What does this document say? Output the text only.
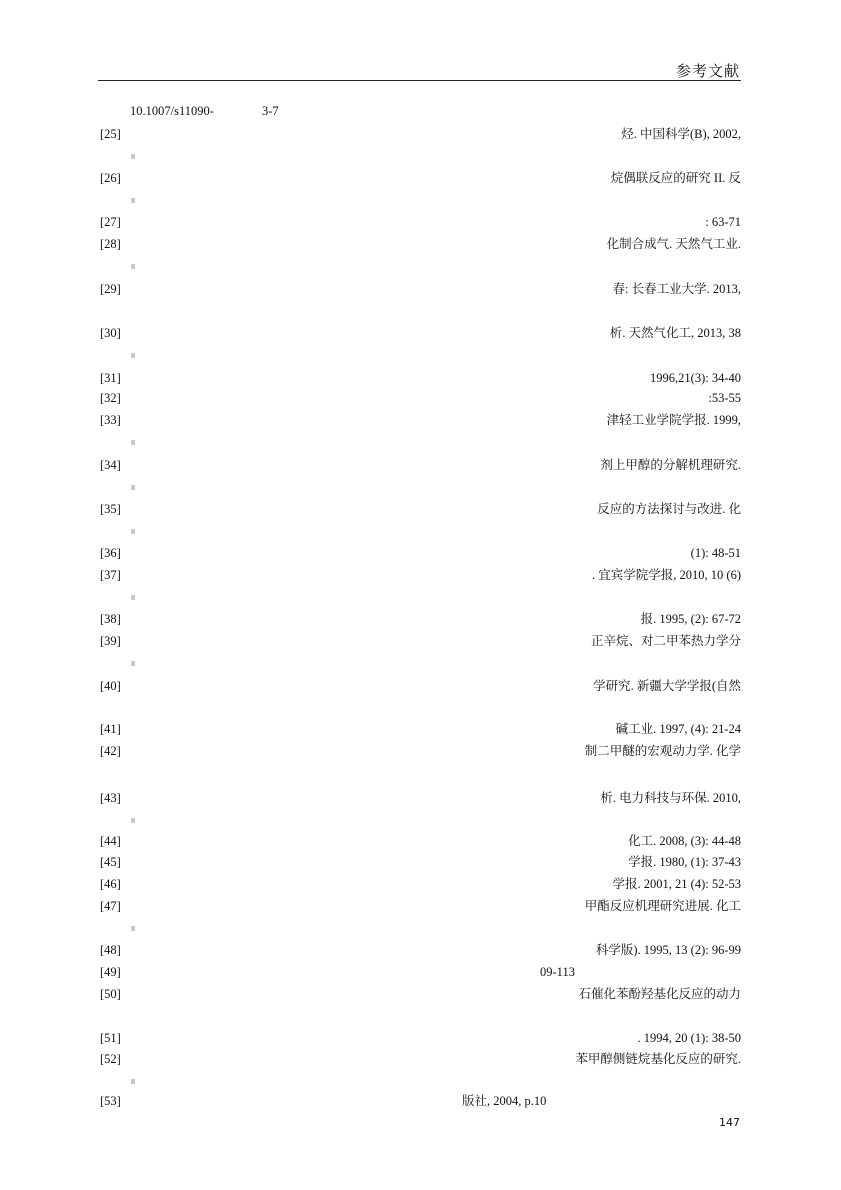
参考文献
10.1007/s11090-	3-7
[25]	烃. 中国科学(B), 2002,
[26]	烷偶联反应的研究 II. 反
[27]	: 63-71
[28]	化制合成气. 天然气工业.
[29]	春: 长春工业大学. 2013,
[30]	析. 天然气化工, 2013, 38
[31]	1996,21(3): 34-40
[32]	:53-55
[33]	津轻工业学院学报. 1999,
[34]	剂上甲醇的分解机理研究.
[35]	反应的方法探讨与改进. 化
[36]	(1): 48-51
[37]	. 宜宾学院学报, 2010, 10 (6)
[38]	报. 1995, (2): 67-72
[39]	正辛烷、对二甲苯热力学分
[40]	学研究. 新疆大学学报(自然
[41]	碱工业. 1997, (4): 21-24
[42]	制二甲醚的宏观动力学. 化学
[43]	析. 电力科技与环保. 2010,
[44]	化工. 2008, (3): 44-48
[45]	学报. 1980, (1): 37-43
[46]	学报. 2001, 21 (4): 52-53
[47]	甲酯反应机理研究进展. 化工
[48]	科学版). 1995, 13 (2): 96-99
[49]	09-113
[50]	石催化苯酚羟基化反应的动力
[51]	. 1994, 20 (1): 38-50
[52]	苯甲醇侧链烷基化反应的研究.
[53]	版社, 2004, p.10
147
